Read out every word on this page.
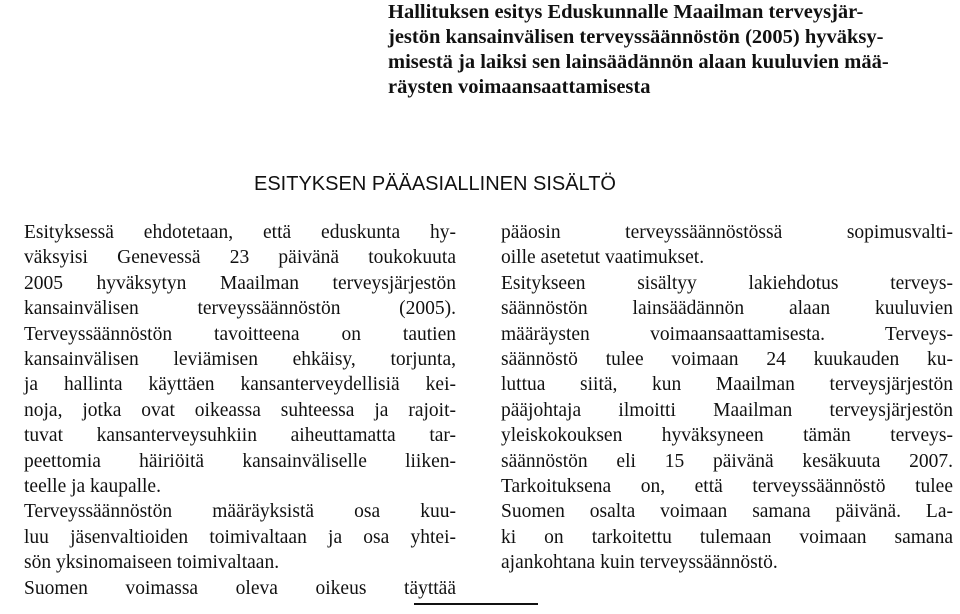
Hallituksen esitys Eduskunnalle Maailman terveysjär-
jestön kansainvälisen terveyssäännöstön (2005) hyväksy-
misestä ja laiksi sen lainsäädännön alaan kuuluvien mää-
räysten voimaansaattamisesta
ESITYKSEN PÄÄASIALLINEN SISÄLTÖ
Esityksessä ehdotetaan, että eduskunta hy-
väksyisi Genevessä 23 päivänä toukokuuta
2005 hyväksytyn Maailman terveysjärjestön
kansainvälisen terveyssäännöstön (2005).
Terveyssäännöstön tavoitteena on tautien
kansainvälisen leviämisen ehkäisy, torjunta,
ja hallinta käyttäen kansanterveydellisiä kei-
noja, jotka ovat oikeassa suhteessa ja rajoit-
tuvat kansanterveysuhkiin aiheuttamatta tar-
peettomia häiriöitä kansainväliselle liiken-
teelle ja kaupalle.
Terveyssäännöstön määräyksistä osa kuu-
luu jäsenvaltioiden toimivaltaan ja osa yhtei-
sön yksinomaiseen toimivaltaan.
Suomen voimassa oleva oikeus täyttää
pääosin terveyssäännöstössä sopimusvalti-
oille asetetut vaatimukset.
Esitykseen sisältyy lakiehdotus terveys-
säännöstön lainsäädännön alaan kuuluvien
määräysten voimaansaattamisesta. Terveys-
säännöstö tulee voimaan 24 kuukauden ku-
luttua siitä, kun Maailman terveysjärjestön
pääjohtaja ilmoitti Maailman terveysjärjestön
yleiskokouksen hyväksyneen tämän terveys-
säännöstön eli 15 päivänä kesäkuuta 2007.
Tarkoituksena on, että terveyssäännöstö tulee
Suomen osalta voimaan samana päivänä. La-
ki on tarkoitettu tulemaan voimaan samana
ajankohtana kuin terveyssäännöstö.
